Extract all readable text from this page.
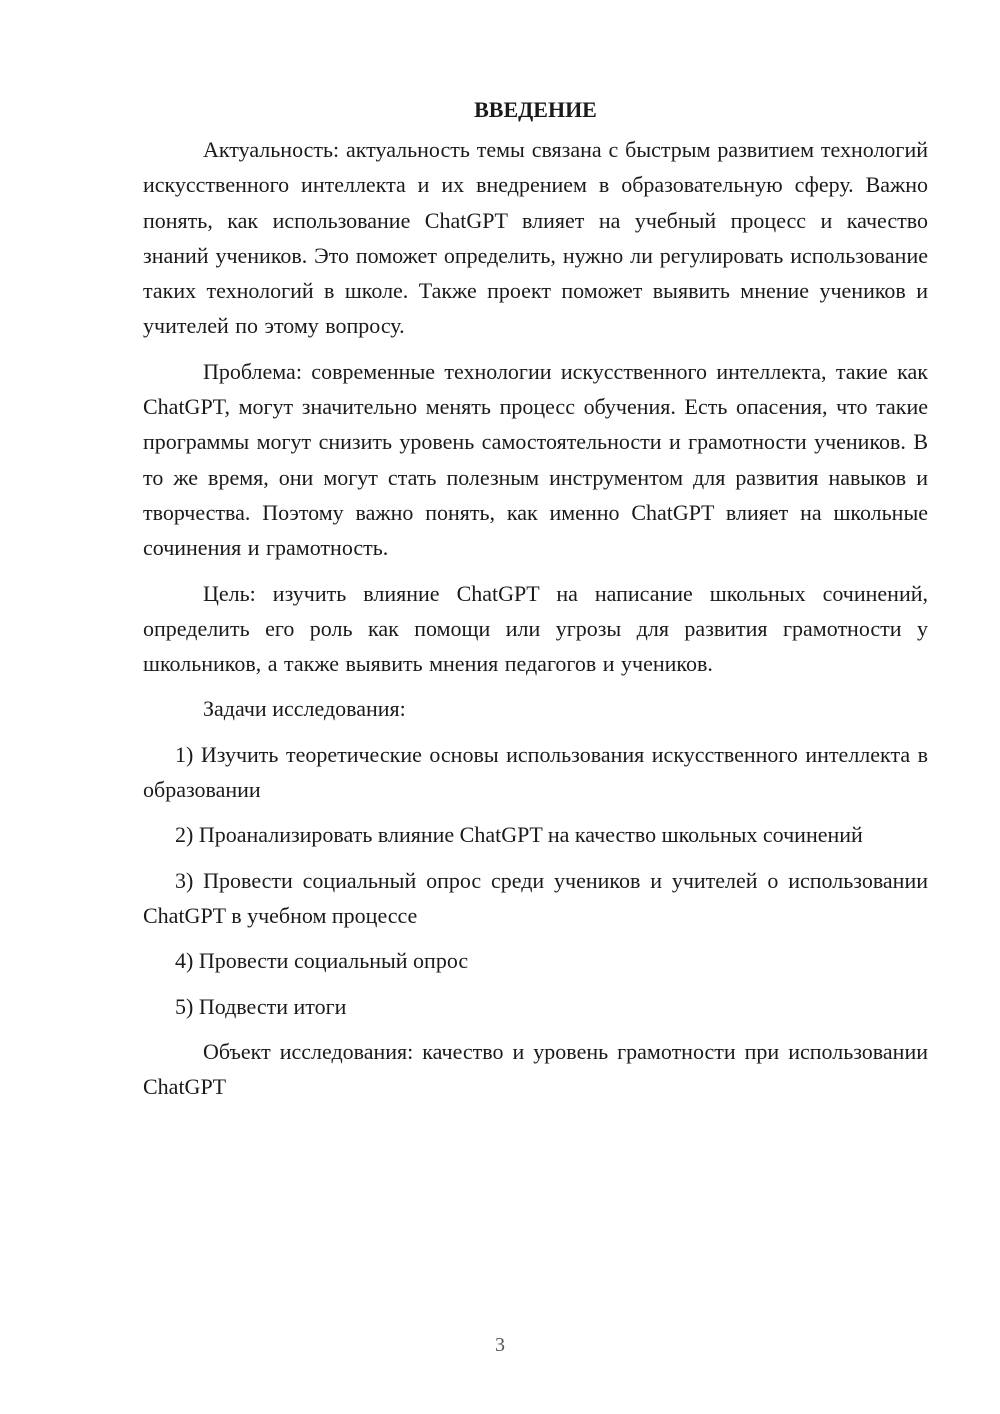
ВВЕДЕНИЕ

Актуальность: актуальность темы связана с быстрым развитием технологий искусственного интеллекта и их внедрением в образовательную сферу. Важно понять, как использование ChatGPT влияет на учебный процесс и качество знаний учеников. Это поможет определить, нужно ли регулировать использование таких технологий в школе. Также проект поможет выявить мнение учеников и учителей по этому вопросу.

Проблема: современные технологии искусственного интеллекта, такие как ChatGPT, могут значительно менять процесс обучения. Есть опасения, что такие программы могут снизить уровень самостоятельности и грамотности учеников. В то же время, они могут стать полезным инструментом для развития навыков и творчества. Поэтому важно понять, как именно ChatGPT влияет на школьные сочинения и грамотность.

Цель: изучить влияние ChatGPT на написание школьных сочинений, определить его роль как помощи или угрозы для развития грамотности у школьников, а также выявить мнения педагогов и учеников.

Задачи исследования:

1) Изучить теоретические основы использования искусственного интеллекта в образовании

2) Проанализировать влияние ChatGPT на качество школьных сочинений

3) Провести социальный опрос среди учеников и учителей о использовании ChatGPT в учебном процессе

4) Провести социальный опрос

5) Подвести итоги

Объект исследования: качество и уровень грамотности при использовании ChatGPT

3
